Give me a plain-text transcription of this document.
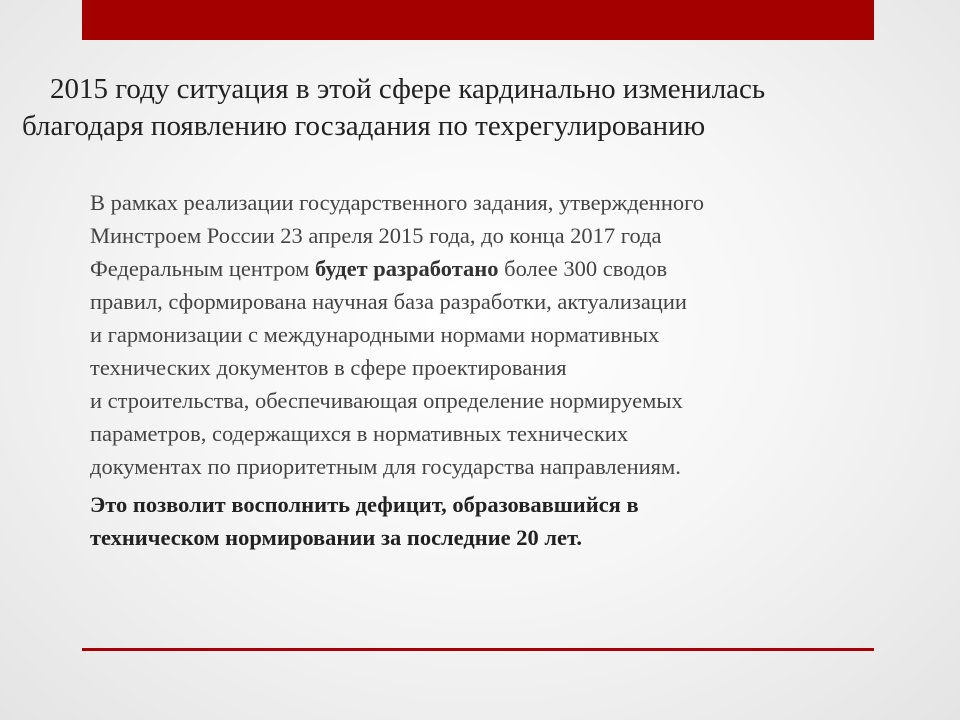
2015 году ситуация в этой сфере кардинально изменилась
благодаря появлению госзадания по техрегулированию
В рамках реализации государственного задания, утвержденного
Минстроем России 23 апреля 2015 года, до конца 2017 года
Федеральным центром будет разработано более 300 сводов
правил, сформирована научная база разработки, актуализации
и гармонизации с международными нормами нормативных
технических документов в сфере проектирования
и строительства, обеспечивающая определение нормируемых
параметров, содержащихся в нормативных технических
документах по приоритетным для государства направлениям.
Это позволит восполнить дефицит, образовавшийся в
техническом нормировании за последние 20 лет.
